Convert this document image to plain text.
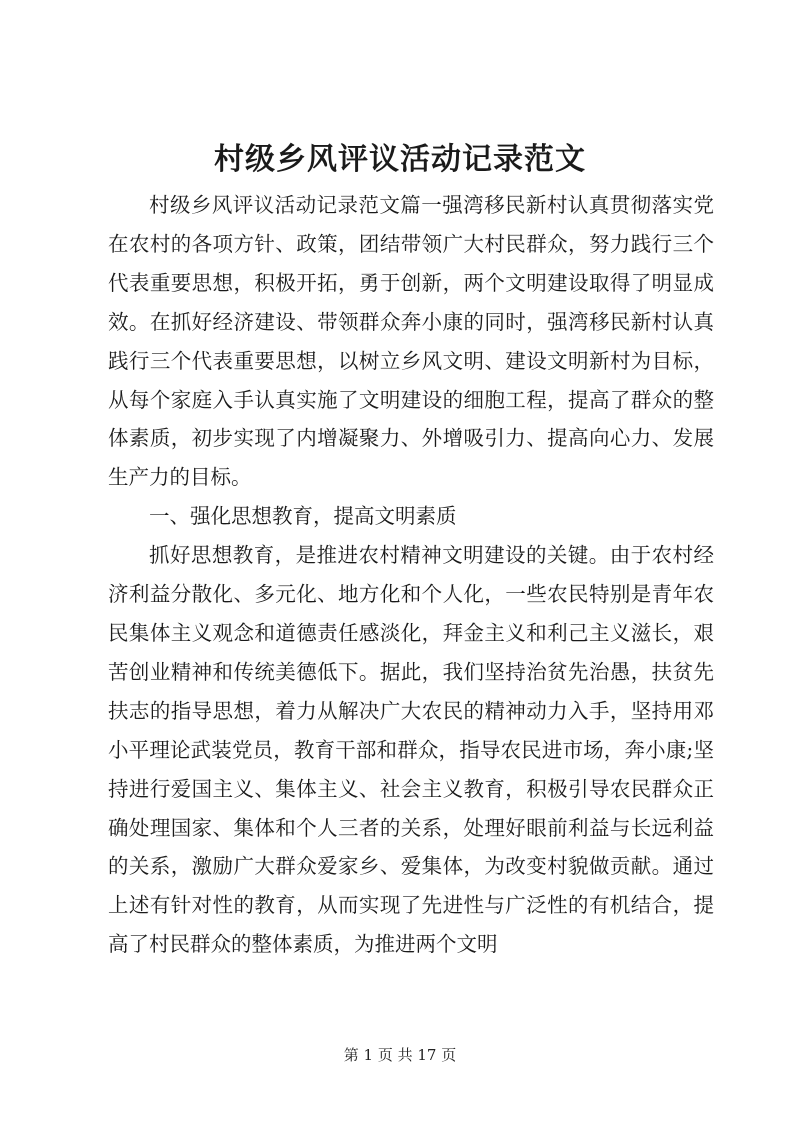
村级乡风评议活动记录范文

村级乡风评议活动记录范文篇一强湾移民新村认真贯彻落实党在农村的各项方针、政策，团结带领广大村民群众，努力践行三个代表重要思想，积极开拓，勇于创新，两个文明建设取得了明显成效。在抓好经济建设、带领群众奔小康的同时，强湾移民新村认真践行三个代表重要思想，以树立乡风文明、建设文明新村为目标，从每个家庭入手认真实施了文明建设的细胞工程，提高了群众的整体素质，初步实现了内增凝聚力、外增吸引力、提高向心力、发展生产力的目标。

一、强化思想教育，提高文明素质

抓好思想教育，是推进农村精神文明建设的关键。由于农村经济利益分散化、多元化、地方化和个人化，一些农民特别是青年农民集体主义观念和道德责任感淡化，拜金主义和利己主义滋长，艰苦创业精神和传统美德低下。据此，我们坚持治贫先治愚，扶贫先扶志的指导思想，着力从解决广大农民的精神动力入手，坚持用邓小平理论武装党员，教育干部和群众，指导农民进市场，奔小康;坚持进行爱国主义、集体主义、社会主义教育，积极引导农民群众正确处理国家、集体和个人三者的关系，处理好眼前利益与长远利益的关系，激励广大群众爱家乡、爱集体，为改变村貌做贡献。通过上述有针对性的教育，从而实现了先进性与广泛性的有机结合，提高了村民群众的整体素质，为推进两个文明

第 1 页 共 17 页
